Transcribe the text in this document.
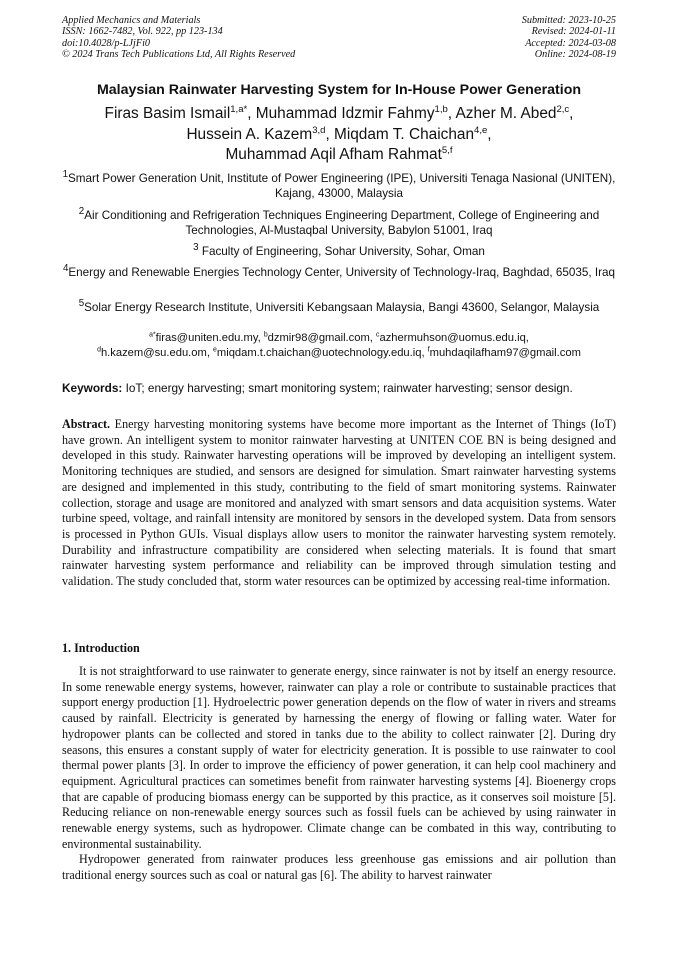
Applied Mechanics and Materials
ISSN: 1662-7482, Vol. 922, pp 123-134
doi:10.4028/p-LJjFi0
© 2024 Trans Tech Publications Ltd, All Rights Reserved
Submitted: 2023-10-25
Revised: 2024-01-11
Accepted: 2024-03-08
Online: 2024-08-19
Malaysian Rainwater Harvesting System for In-House Power Generation
Firas Basim Ismail$^{1,a*}$, Muhammad Idzmir Fahmy$^{1,b}$, Azher M. Abed$^{2,c}$,
Hussein A. Kazem$^{3,d}$, Miqdam T. Chaichan$^{4,e}$,
Muhammad Aqil Afham Rahmat$^{5,f}$
$^1$Smart Power Generation Unit, Institute of Power Engineering (IPE), Universiti Tenaga Nasional (UNITEN), Kajang, 43000, Malaysia
$^2$Air Conditioning and Refrigeration Techniques Engineering Department, College of Engineering and Technologies, Al-Mustaqbal University, Babylon 51001, Iraq
$^3$ Faculty of Engineering, Sohar University, Sohar, Oman
$^4$Energy and Renewable Energies Technology Center, University of Technology-Iraq, Baghdad, 65035, Iraq
$^5$Solar Energy Research Institute, Universiti Kebangsaan Malaysia, Bangi 43600, Selangor, Malaysia
$^{a*}$firas@uniten.edu.my, $^b$dzmir98@gmail.com, $^c$azhermuhson@uomus.edu.iq,
$^d$h.kazem@su.edu.om, $^e$miqdam.t.chaichan@uotechnology.edu.iq, $^f$muhdaqilafham97@gmail.com
Keywords: IoT; energy harvesting; smart monitoring system; rainwater harvesting; sensor design.
Abstract. Energy harvesting monitoring systems have become more important as the Internet of Things (IoT) have grown. An intelligent system to monitor rainwater harvesting at UNITEN COE BN is being designed and developed in this study. Rainwater harvesting operations will be improved by developing an intelligent system. Monitoring techniques are studied, and sensors are designed for simulation. Smart rainwater harvesting systems are designed and implemented in this study, contributing to the field of smart monitoring systems. Rainwater collection, storage and usage are monitored and analyzed with smart sensors and data acquisition systems. Water turbine speed, voltage, and rainfall intensity are monitored by sensors in the developed system. Data from sensors is processed in Python GUIs. Visual displays allow users to monitor the rainwater harvesting system remotely. Durability and infrastructure compatibility are considered when selecting materials. It is found that smart rainwater harvesting system performance and reliability can be improved through simulation testing and validation. The study concluded that, storm water resources can be optimized by accessing real-time information.
1. Introduction

It is not straightforward to use rainwater to generate energy, since rainwater is not by itself an energy resource. In some renewable energy systems, however, rainwater can play a role or contribute to sustainable practices that support energy production [1]. Hydroelectric power generation depends on the flow of water in rivers and streams caused by rainfall. Electricity is generated by harnessing the energy of flowing or falling water. Water for hydropower plants can be collected and stored in tanks due to the ability to collect rainwater [2]. During dry seasons, this ensures a constant supply of water for electricity generation. It is possible to use rainwater to cool thermal power plants [3]. In order to improve the efficiency of power generation, it can help cool machinery and equipment. Agricultural practices can sometimes benefit from rainwater harvesting systems [4]. Bioenergy crops that are capable of producing biomass energy can be supported by this practice, as it conserves soil moisture [5]. Reducing reliance on non-renewable energy sources such as fossil fuels can be achieved by using rainwater in renewable energy systems, such as hydropower. Climate change can be combated in this way, contributing to environmental sustainability.

Hydropower generated from rainwater produces less greenhouse gas emissions and air pollution than traditional energy sources such as coal or natural gas [6]. The ability to harvest rainwater
